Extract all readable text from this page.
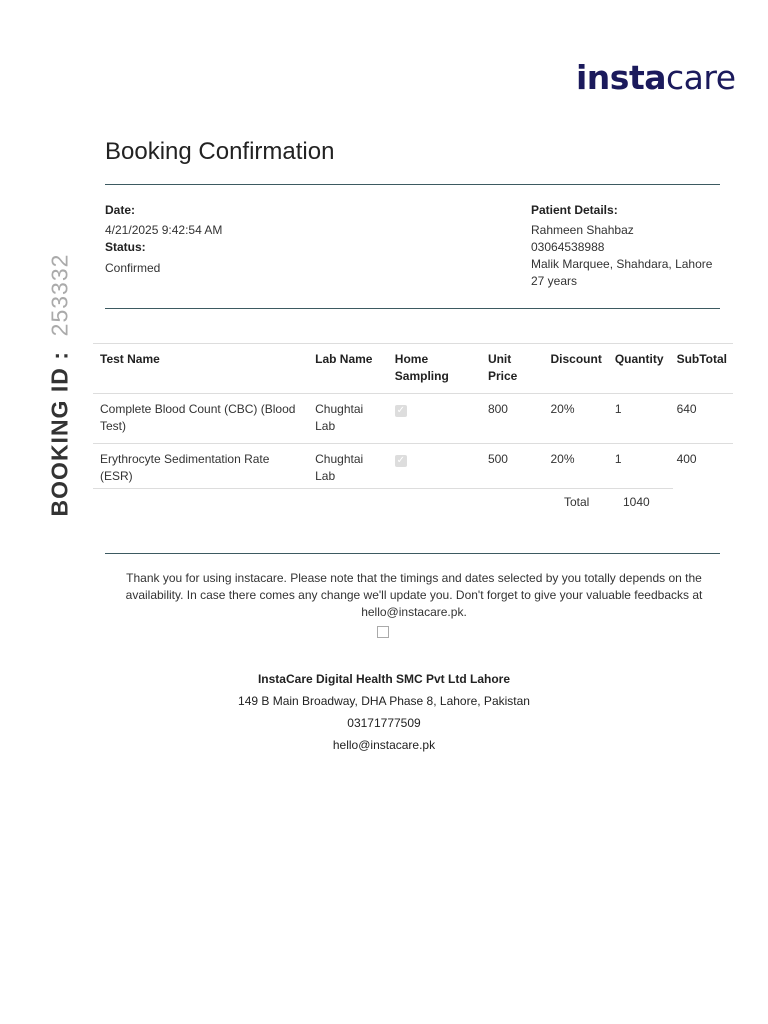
instacare
BOOKING ID :  253332
Booking Confirmation
Date:
4/21/2025 9:42:54 AM
Status:
Confirmed
Patient Details:
Rahmeen Shahbaz
03064538988
Malik Marquee, Shahdara, Lahore
27 years
Test Name	Lab Name	Home Sampling	Unit Price	Discount	Quantity	SubTotal
Complete Blood Count (CBC) (Blood Test)	Chughtai Lab	✓	800	20%	1	640
Erythrocyte Sedimentation Rate (ESR)	Chughtai Lab	✓	500	20%	1	400
Total	1040
Thank you for using instacare. Please note that the timings and dates selected by you totally depends on the availability. In case there comes any change we'll update you. Don't forget to give your valuable feedbacks at hello@instacare.pk.
InstaCare Digital Health SMC Pvt Ltd Lahore
149 B Main Broadway, DHA Phase 8, Lahore, Pakistan
03171777509
hello@instacare.pk
